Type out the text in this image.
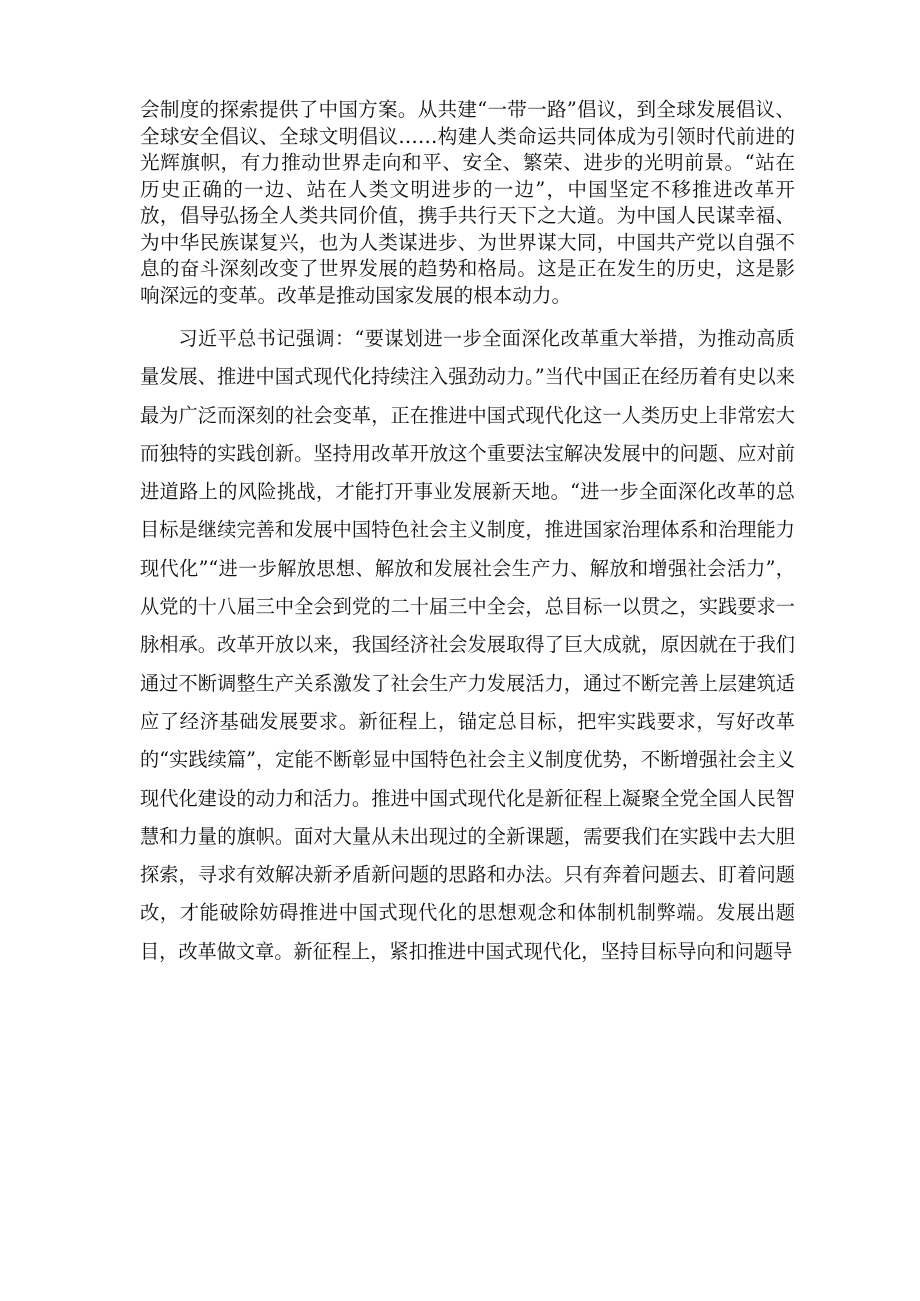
会制度的探索提供了中国方案。从共建“一带一路”倡议，到全球发展倡议、全球安全倡议、全球文明倡议……构建人类命运共同体成为引领时代前进的光辉旗帜，有力推动世界走向和平、安全、繁荣、进步的光明前景。“站在历史正确的一边、站在人类文明进步的一边”，中国坚定不移推进改革开放，倡导弘扬全人类共同价值，携手共行天下之大道。为中国人民谋幸福、为中华民族谋复兴，也为人类谋进步、为世界谋大同，中国共产党以自强不息的奋斗深刻改变了世界发展的趋势和格局。这是正在发生的历史，这是影响深远的变革。改革是推动国家发展的根本动力。

习近平总书记强调：“要谋划进一步全面深化改革重大举措，为推动高质量发展、推进中国式现代化持续注入强劲动力。”当代中国正在经历着有史以来最为广泛而深刻的社会变革，正在推进中国式现代化这一人类历史上非常宏大而独特的实践创新。坚持用改革开放这个重要法宝解决发展中的问题、应对前进道路上的风险挑战，才能打开事业发展新天地。“进一步全面深化改革的总目标是继续完善和发展中国特色社会主义制度，推进国家治理体系和治理能力现代化”“进一步解放思想、解放和发展社会生产力、解放和增强社会活力”，从党的十八届三中全会到党的二十届三中全会，总目标一以贯之，实践要求一脉相承。改革开放以来，我国经济社会发展取得了巨大成就，原因就在于我们通过不断调整生产关系激发了社会生产力发展活力，通过不断完善上层建筑适应了经济基础发展要求。新征程上，锚定总目标，把牢实践要求，写好改革的“实践续篇”，定能不断彰显中国特色社会主义制度优势，不断增强社会主义现代化建设的动力和活力。推进中国式现代化是新征程上凝聚全党全国人民智慧和力量的旗帜。面对大量从未出现过的全新课题，需要我们在实践中去大胆探索，寻求有效解决新矛盾新问题的思路和办法。只有奔着问题去、盯着问题改，才能破除妨碍推进中国式现代化的思想观念和体制机制弊端。发展出题目，改革做文章。新征程上，紧扣推进中国式现代化，坚持目标导向和问题导
